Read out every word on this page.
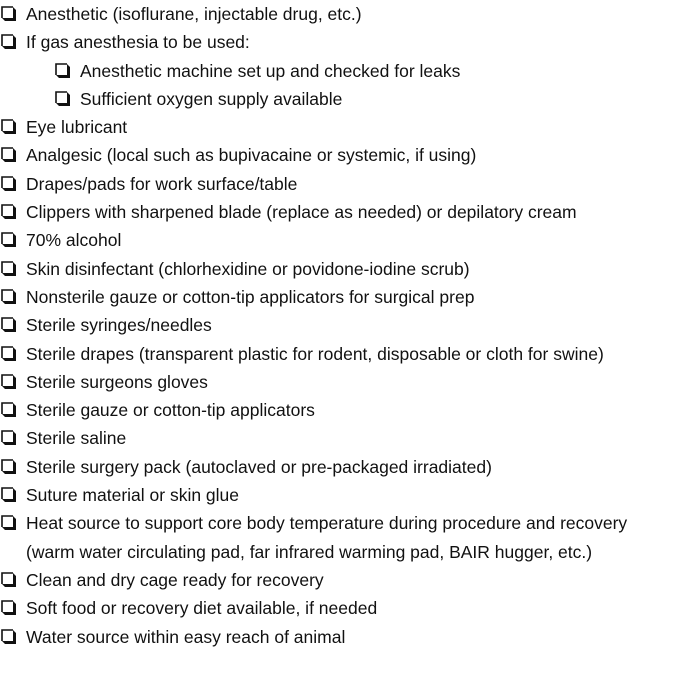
Anesthetic (isoflurane, injectable drug, etc.)
If gas anesthesia to be used:
Anesthetic machine set up and checked for leaks
Sufficient oxygen supply available
Eye lubricant
Analgesic (local such as bupivacaine or systemic, if using)
Drapes/pads for work surface/table
Clippers with sharpened blade (replace as needed) or depilatory cream
70% alcohol
Skin disinfectant (chlorhexidine or povidone-iodine scrub)
Nonsterile gauze or cotton-tip applicators for surgical prep
Sterile syringes/needles
Sterile drapes (transparent plastic for rodent, disposable or cloth for swine)
Sterile surgeons gloves
Sterile gauze or cotton-tip applicators
Sterile saline
Sterile surgery pack (autoclaved or pre-packaged irradiated)
Suture material or skin glue
Heat source to support core body temperature during procedure and recovery (warm water circulating pad, far infrared warming pad, BAIR hugger, etc.)
Clean and dry cage ready for recovery
Soft food or recovery diet available, if needed
Water source within easy reach of animal
